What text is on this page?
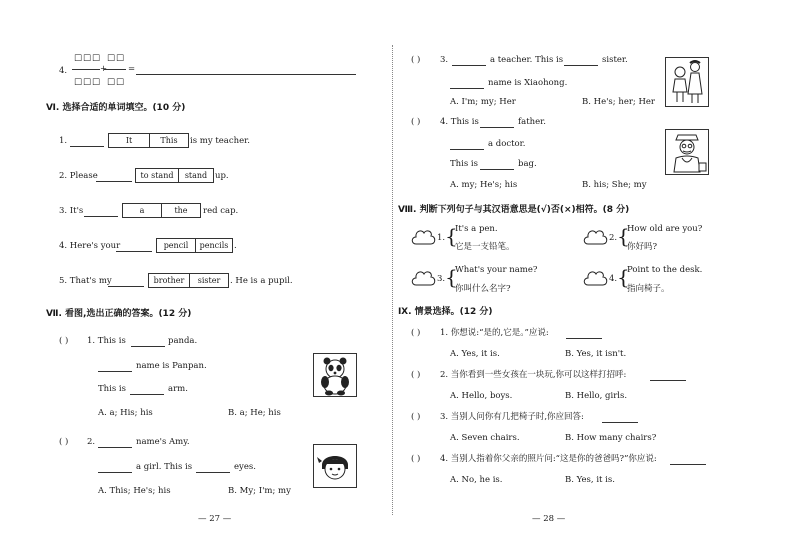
4.
□□□ □□
□□□ □□
+ =
Ⅵ. 选择合适的单词填空。(10 分)
1.	It	This	is my teacher.
2. Please	to stand	stand up.
3. It's	a	the	red cap.
4. Here's your	pencil	pencils .
5. That's my	brother	sister	. He is a pupil.
Ⅶ. 看图,选出正确的答案。(12 分)
( ) 1. This is	panda.
name is Panpan.
This is	arm.
A. a; His; his	B. a; He; his
( ) 2.	name's Amy.
a girl. This is	eyes.
A. This; He's; his	B. My; I'm; my
— 27 —
( ) 3.	a teacher. This is	sister.
name is Xiaohong.
A. I'm; my; Her	B. He's; her; Her
( ) 4. This is	father.
a doctor.
This is	bag.
A. my; He's; his	B. his; She; my
Ⅷ. 判断下列句子与其汉语意思是(√)否(×)相符。(8 分)
1. {
It's a pen.
它是一支铅笔。
2. {
How old are you?
你好吗?
3. {
What's your name?
你叫什么名字?
4. {
Point to the desk.
指向椅子。
Ⅸ. 情景选择。(12 分)
( ) 1. 你想说:“是的,它是。”应说:
A. Yes, it is.	B. Yes, it isn't.
( ) 2. 当你看到一些女孩在一块玩,你可以这样打招呼:
A. Hello, boys.	B. Hello, girls.
( ) 3. 当别人问你有几把椅子时,你应回答:
A. Seven chairs.	B. How many chairs?
( ) 4. 当别人指着你父亲的照片问:“这是你的爸爸吗?”你应说:
A. No, he is.	B. Yes, it is.
— 28 —
